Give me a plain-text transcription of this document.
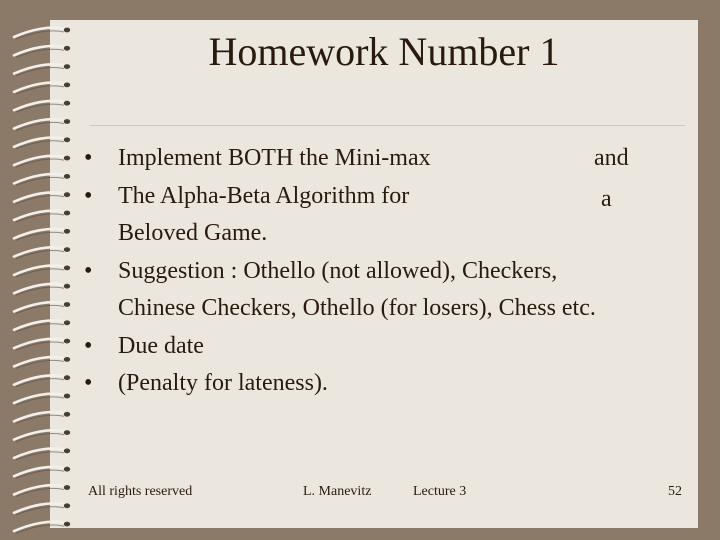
Homework Number 1
•	Implement BOTH the Mini-max
•	The Alpha-Beta Algorithm for
Beloved Game.
•	Suggestion : Othello (not allowed), Checkers,
Chinese Checkers, Othello (for losers), Chess etc.
•	Due date
•	(Penalty for lateness).
and
a
All rights reserved	L. Manevitz	Lecture 3	52
